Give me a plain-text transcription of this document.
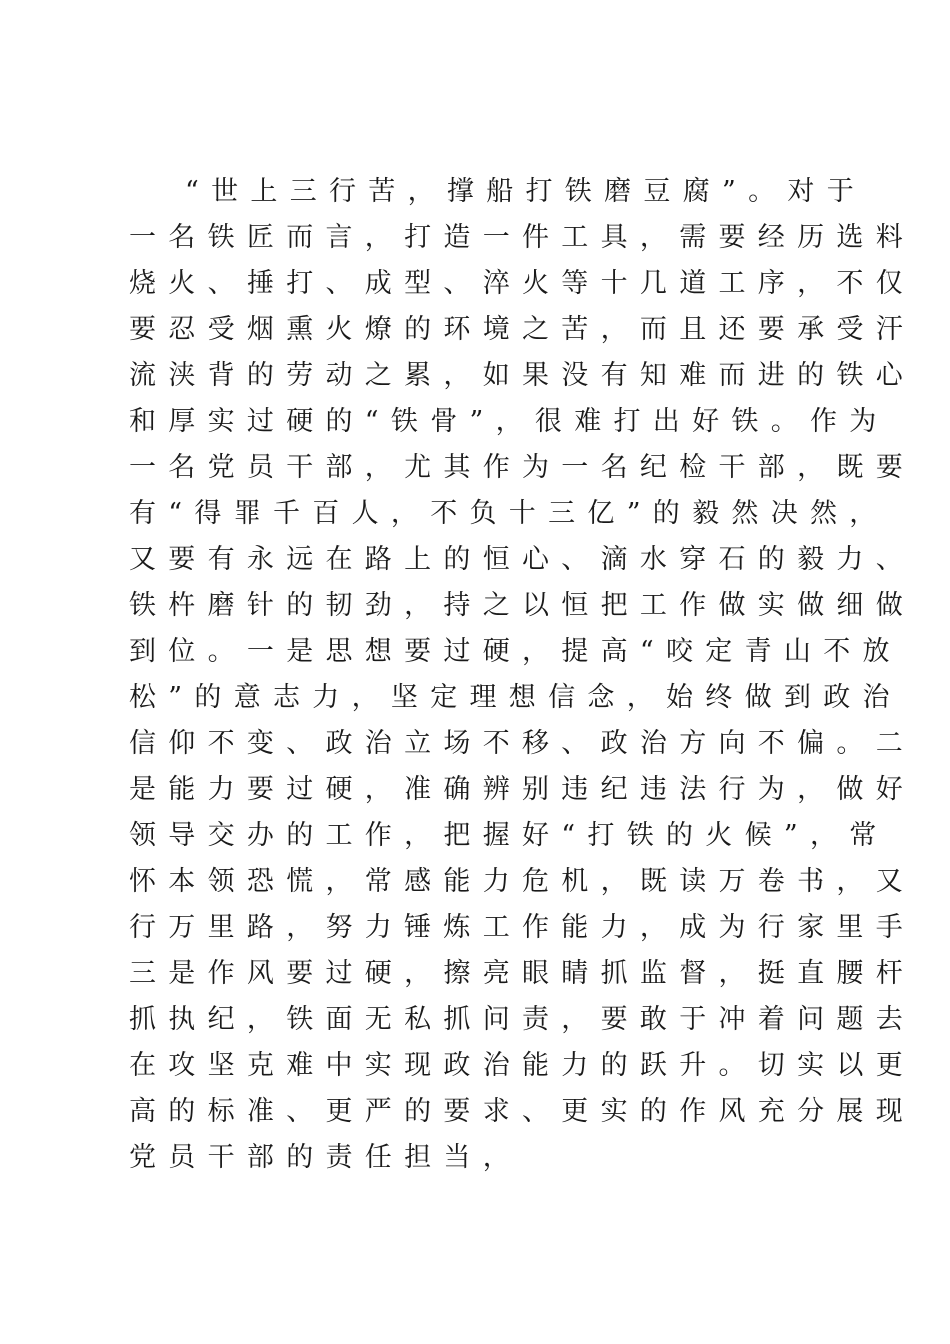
“世上三行苦，撑船打铁磨豆腐”。对于
一名铁匠而言，打造一件工具，需要经历选料
烧火、捶打、成型、淬火等十几道工序，不仅
要忍受烟熏火燎的环境之苦，而且还要承受汗
流浃背的劳动之累，如果没有知难而进的铁心
和厚实过硬的“铁骨”，很难打出好铁。作为
一名党员干部，尤其作为一名纪检干部，既要
有“得罪千百人，不负十三亿”的毅然决然，
又要有永远在路上的恒心、滴水穿石的毅力、
铁杵磨针的韧劲，持之以恒把工作做实做细做
到位。一是思想要过硬，提高“咬定青山不放
松”的意志力，坚定理想信念，始终做到政治
信仰不变、政治立场不移、政治方向不偏。二
是能力要过硬，准确辨别违纪违法行为，做好
领导交办的工作，把握好“打铁的火候”，常
怀本领恐慌，常感能力危机，既读万卷书，又
行万里路，努力锤炼工作能力，成为行家里手
三是作风要过硬，擦亮眼睛抓监督，挺直腰杆
抓执纪，铁面无私抓问责，要敢于冲着问题去
在攻坚克难中实现政治能力的跃升。切实以更
高的标准、更严的要求、更实的作风充分展现
党员干部的责任担当，
